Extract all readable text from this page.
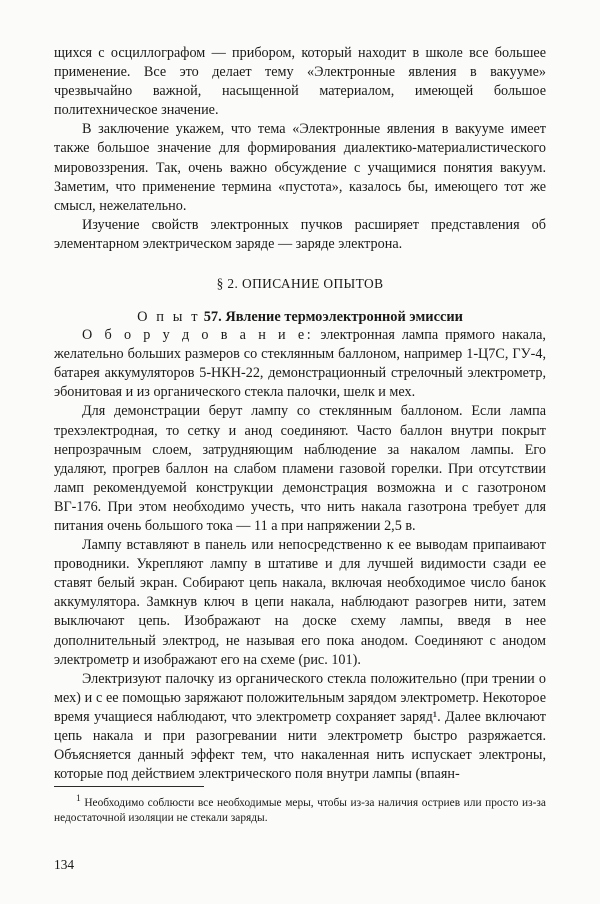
щихся с осциллографом — прибором, который находит в школе все большее применение. Все это делает тему «Электронные явления в вакууме» чрезвычайно важной, насыщенной материалом, имеющей большое политехническое значение.

В заключение укажем, что тема «Электронные явления в вакууме имеет также большое значение для формирования диалектико-материалистического мировоззрения. Так, очень важно обсуждение с учащимися понятия вакуум. Заметим, что применение термина «пустота», казалось бы, имеющего тот же смысл, нежелательно.

Изучение свойств электронных пучков расширяет представления об элементарном электрическом заряде — заряде электрона.

§ 2. ОПИСАНИЕ ОПЫТОВ

О п ы т 57. Явление термоэлектронной эмиссии

О б о р у д о в а н и е: электронная лампа прямого накала, желательно больших размеров со стеклянным баллоном, например 1-Ц7С, ГУ-4, батарея аккумуляторов 5-НКН-22, демонстрационный стрелочный электрометр, эбонитовая и из органического стекла палочки, шелк и мех.

Для демонстрации берут лампу со стеклянным баллоном. Если лампа трехэлектродная, то сетку и анод соединяют. Часто баллон внутри покрыт непрозрачным слоем, затрудняющим наблюдение за накалом лампы. Его удаляют, прогрев баллон на слабом пламени газовой горелки. При отсутствии ламп рекомендуемой конструкции демонстрация возможна и с газотроном ВГ-176. При этом необходимо учесть, что нить накала газотрона требует для питания очень большого тока — 11 а при напряжении 2,5 в.

Лампу вставляют в панель или непосредственно к ее выводам припаивают проводники. Укрепляют лампу в штативе и для лучшей видимости сзади ее ставят белый экран. Собирают цепь накала, включая необходимое число банок аккумулятора. Замкнув ключ в цепи накала, наблюдают разогрев нити, затем выключают цепь. Изображают на доске схему лампы, введя в нее дополнительный электрод, не называя его пока анодом. Соединяют с анодом электрометр и изображают его на схеме (рис. 101).

Электризуют палочку из органического стекла положительно (при трении о мех) и с ее помощью заряжают положительным зарядом электрометр. Некоторое время учащиеся наблюдают, что электрометр сохраняет заряд¹. Далее включают цепь накала и при разогревании нити электрометр быстро разряжается. Объясняется данный эффект тем, что накаленная нить испускает электроны, которые под действием электрического поля внутри лампы (впаян-

$^1$ Необходимо соблюсти все необходимые меры, чтобы из-за наличия остриев или просто из-за недостаточной изоляции не стекали заряды.
134
